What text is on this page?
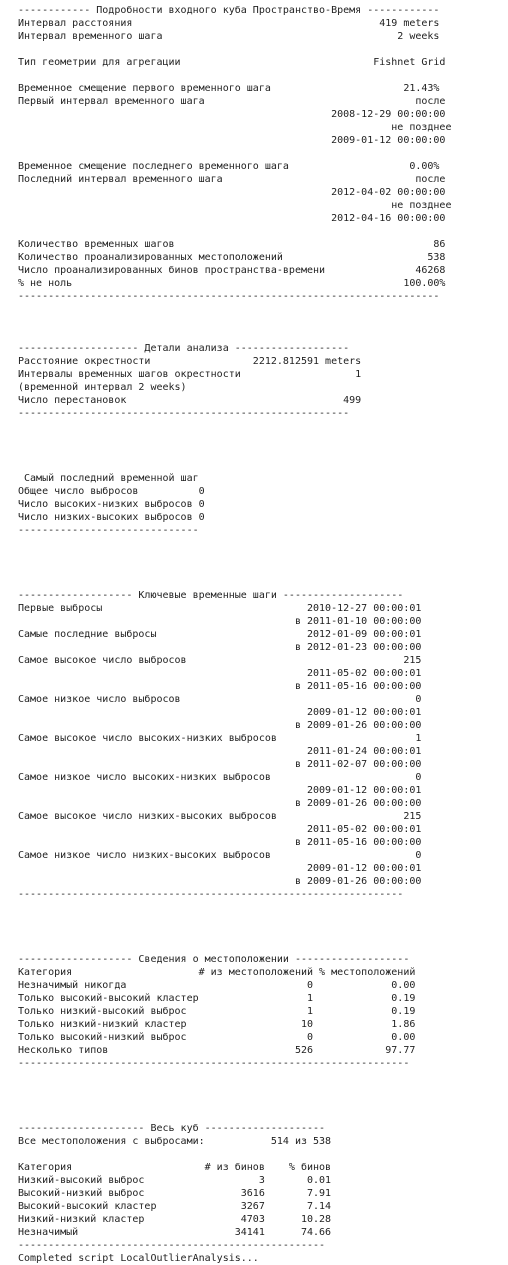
------------ Подробности входного куба Пространство-Время ------------
Интервал расстояния                                         419 meters
Интервал временного шага                                       2 weeks
Тип геометрии для агрегации                                Fishnet Grid
Временное смещение первого временного шага                      21.43%
Первый интервал временного шага                                   после
2008-12-29 00:00:00
не позднее
2009-01-12 00:00:00
Временное смещение последнего временного шага                    0.00%
Последний интервал временного шага                                после
2012-04-02 00:00:00
не позднее
2012-04-16 00:00:00
Количество временных шагов                                           86
Количество проанализированных местоположений                        538
Число проанализированных бинов пространства-времени               46268
% не ноль                                                       100.00%
----------------------------------------------------------------------
-------------------- Детали анализа -------------------
Расстояние окрестности                 2212.812591 meters
Интервалы временных шагов окрестности                   1
(временной интервал 2 weeks)
Число перестановок                                    499
-------------------------------------------------------
Самый последний временной шаг
Общее число выбросов          0
Число высоких-низких выбросов 0
Число низких-высоких выбросов 0
------------------------------
------------------- Ключевые временные шаги --------------------
Первые выбросы                                  2010-12-27 00:00:01
в 2011-01-10 00:00:00
Самые последние выбросы                         2012-01-09 00:00:01
в 2012-01-23 00:00:00
Самое высокое число выбросов                                    215
2011-05-02 00:00:01
в 2011-05-16 00:00:00
Самое низкое число выбросов                                       0
2009-01-12 00:00:01
в 2009-01-26 00:00:00
Самое высокое число высоких-низких выбросов                       1
2011-01-24 00:00:01
в 2011-02-07 00:00:00
Самое низкое число высоких-низких выбросов                        0
2009-01-12 00:00:01
в 2009-01-26 00:00:00
Самое высокое число низких-высоких выбросов                     215
2011-05-02 00:00:01
в 2011-05-16 00:00:00
Самое низкое число низких-высоких выбросов                        0
2009-01-12 00:00:01
в 2009-01-26 00:00:00
----------------------------------------------------------------
------------------- Сведения о местоположении -------------------
Категория                     # из местоположений % местоположений
Незначимый никогда                              0             0.00
Только высокий-высокий кластер                  1             0.19
Только низкий-высокий выброс                    1             0.19
Только низкий-низкий кластер                   10             1.86
Только высокий-низкий выброс                    0             0.00
Несколько типов                               526            97.77
-----------------------------------------------------------------
--------------------- Весь куб --------------------
Все местоположения с выбросами:           514 из 538
Категория                      # из бинов    % бинов
Низкий-высокий выброс                   3       0.01
Высокий-низкий выброс                3616       7.91
Высокий-высокий кластер              3267       7.14
Низкий-низкий кластер                4703      10.28
Незначимый                          34141      74.66
---------------------------------------------------
Completed script LocalOutlierAnalysis...
